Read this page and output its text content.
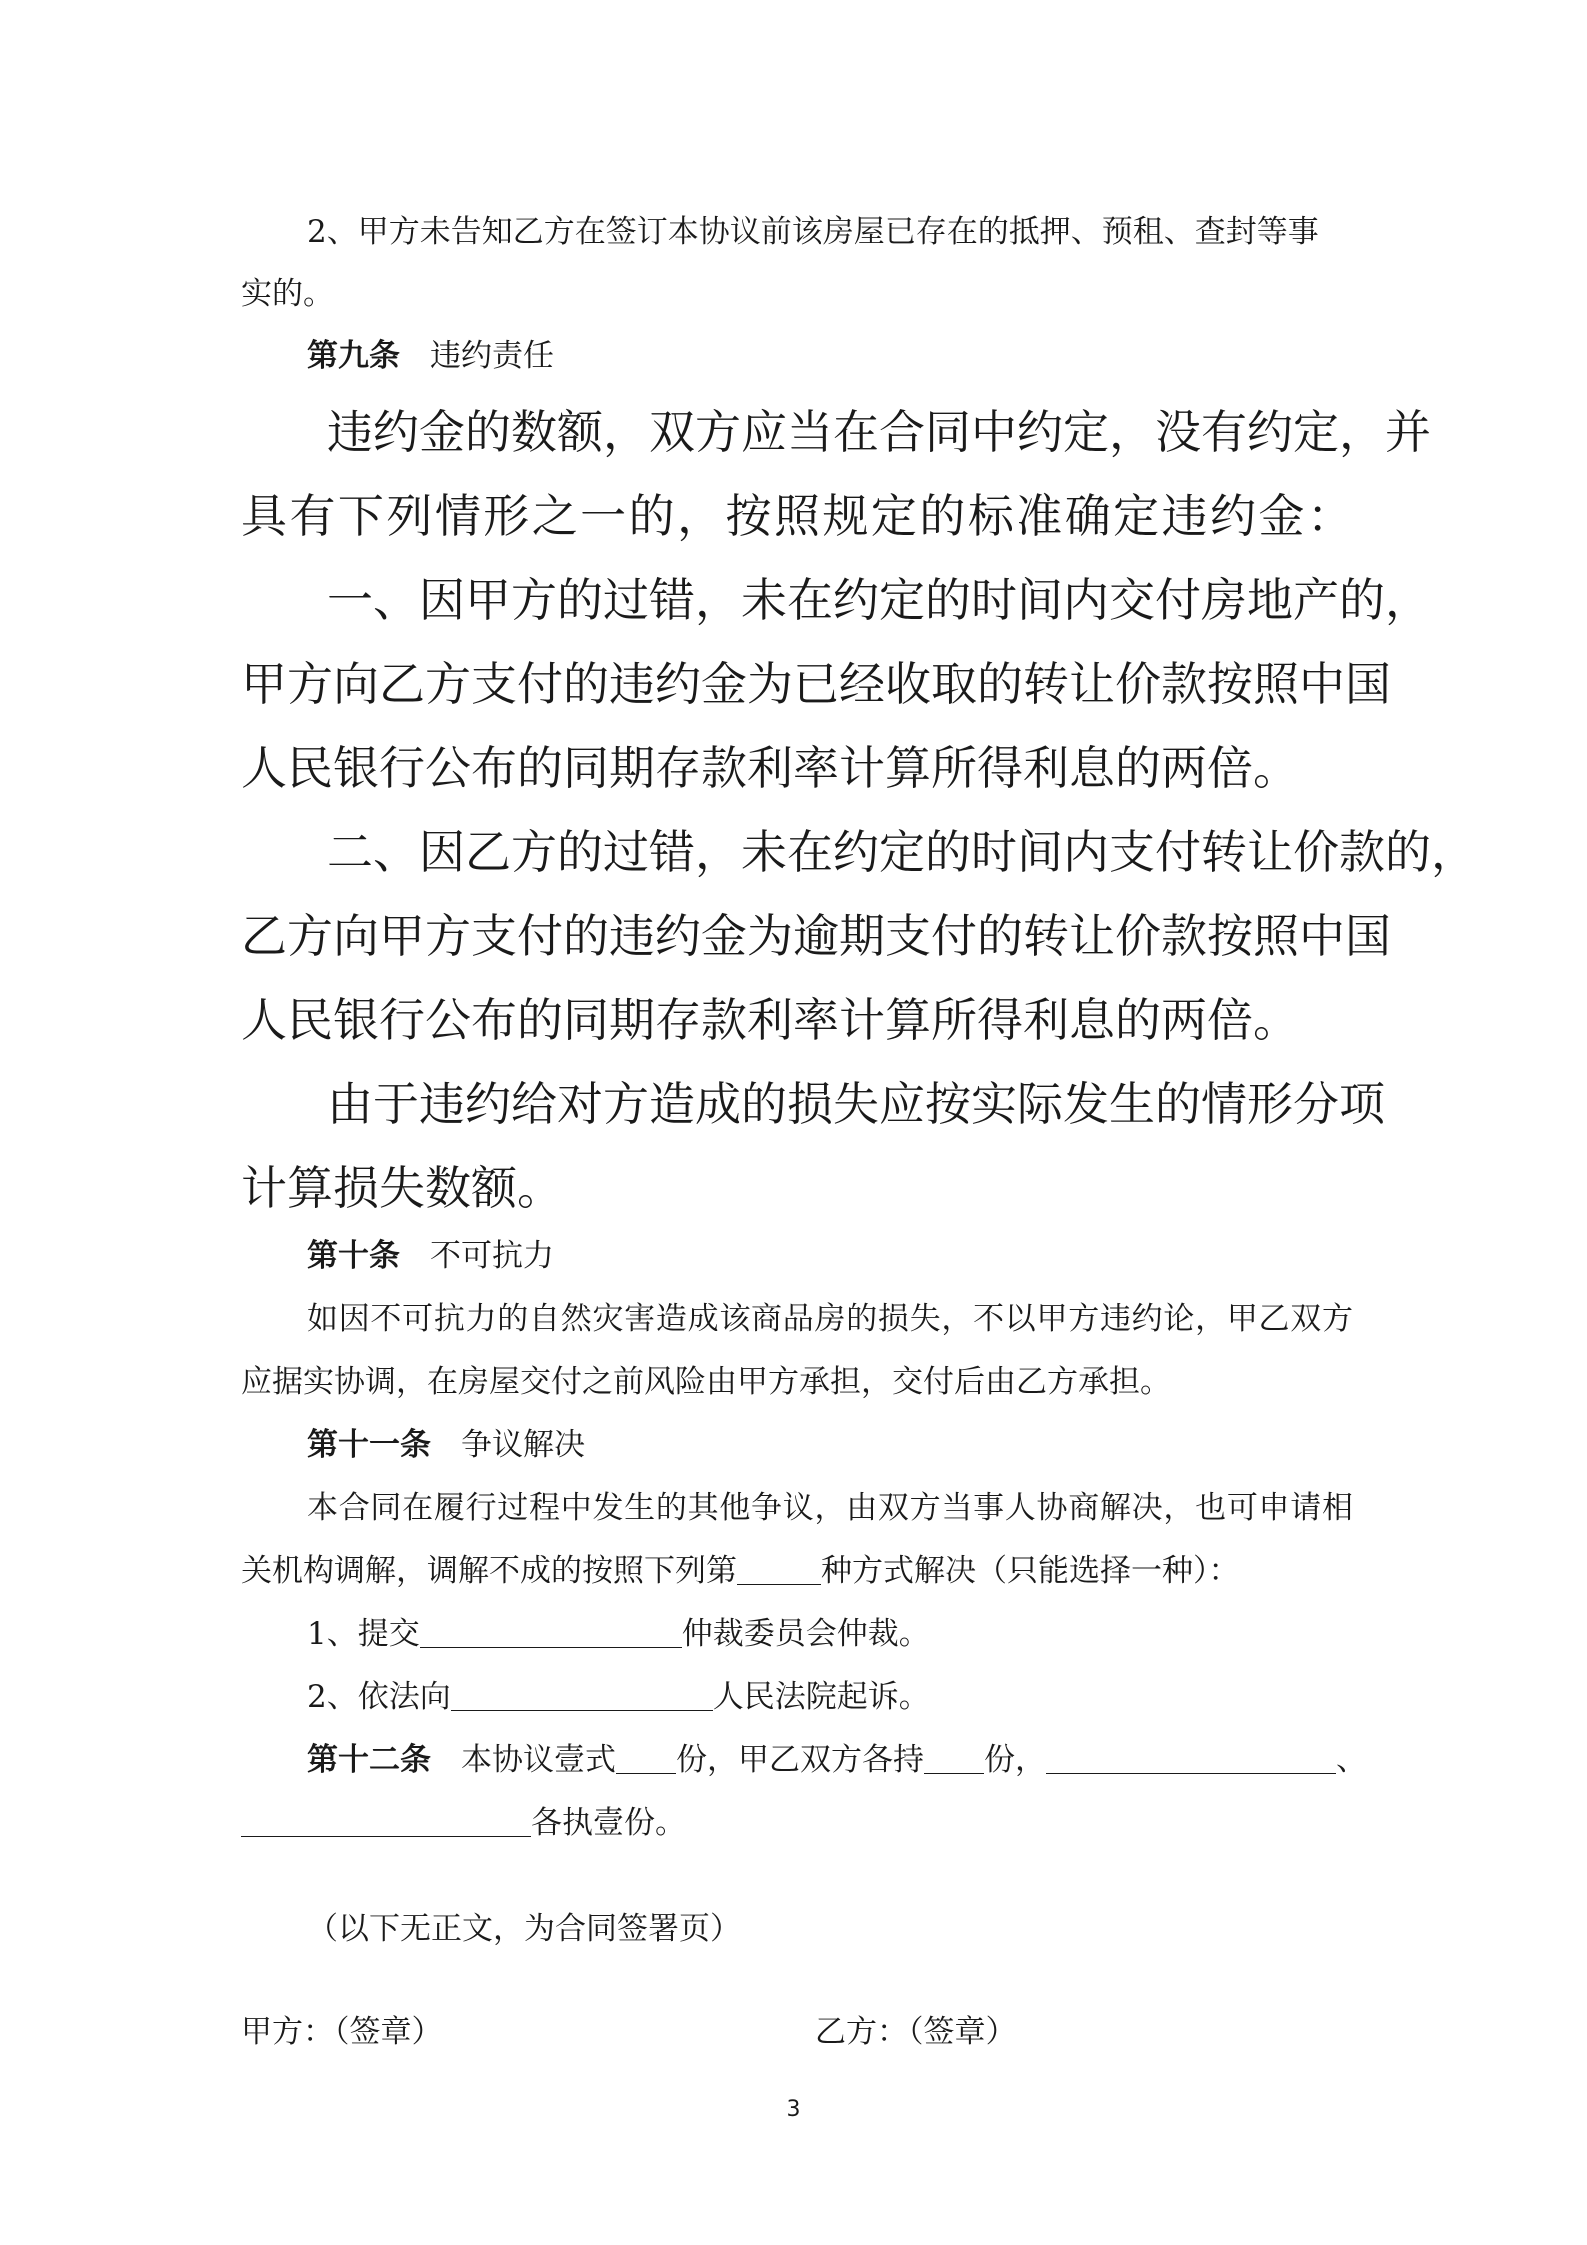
2、甲方未告知乙方在签订本协议前该房屋已存在的抵押、预租、查封等事
实的。
第九条 违约责任
违约金的数额，双方应当在合同中约定，没有约定，并
具有下列情形之一的，按照规定的标准确定违约金：
一、因甲方的过错，未在约定的时间内交付房地产的，
甲方向乙方支付的违约金为已经收取的转让价款按照中国
人民银行公布的同期存款利率计算所得利息的两倍。
二、因乙方的过错，未在约定的时间内支付转让价款的，
乙方向甲方支付的违约金为逾期支付的转让价款按照中国
人民银行公布的同期存款利率计算所得利息的两倍。
由于违约给对方造成的损失应按实际发生的情形分项
计算损失数额。
第十条 不可抗力
如因不可抗力的自然灾害造成该商品房的损失，不以甲方违约论，甲乙双方
应据实协调，在房屋交付之前风险由甲方承担，交付后由乙方承担。
第十一条 争议解决
本合同在履行过程中发生的其他争议，由双方当事人协商解决，也可申请相
关机构调解，调解不成的按照下列第	种方式解决（只能选择一种）：
1、提交	仲裁委员会仲裁。
2、依法向	人民法院起诉。
第十二条 本协议壹式 份，甲乙双方各持 份，	、
各执壹份。
（以下无正文，为合同签署页）
甲方：（签章）	乙方：（签章）
3
